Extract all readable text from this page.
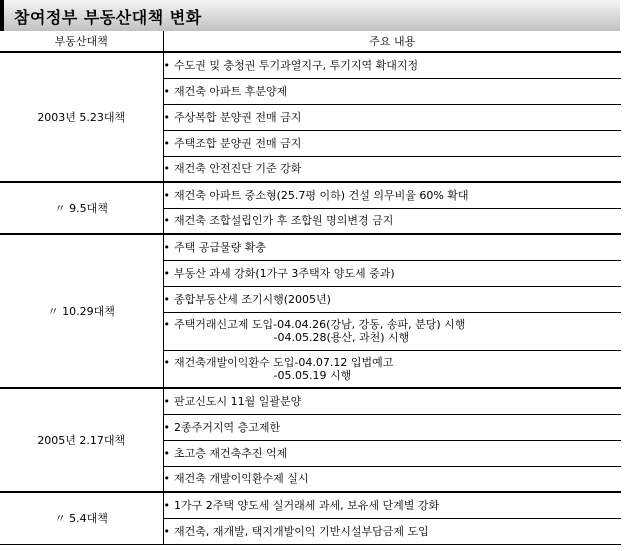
참여정부 부동산대책 변화
부동산대책	주요 내용
2003년 5.23대책	• 수도권 및 충청권 투기과열지구, 투기지역 확대지정
	• 재건축 아파트 후분양제
	• 주상복합 분양권 전매 금지
	• 주택조합 분양권 전매 금지
	• 재건축 안전진단 기준 강화
〃 9.5대책	• 재건축 아파트 중소형(25.7평 이하) 건설 의무비율 60% 확대
	• 재건축 조합설립인가 후 조합원 명의변경 금지
〃 10.29대책	• 주택 공급물량 확충
	• 부동산 과세 강화(1가구 3주택자 양도세 중과)
	• 종합부동산세 조기시행(2005년)
	• 주택거래신고제 도입-04.04.26(강남, 강동, 송파, 분당) 시행
-04.05.28(용산, 과천) 시행

	• 재건축개발이익환수 도입-04.07.12 입법예고
-05.05.19 시행

2005년 2.17대책	• 판교신도시 11월 일괄분양
	• 2종주거지역 층고제한
	• 초고층 재건축추진 억제
	• 재건축 개발이익환수제 실시
〃 5.4대책	• 1가구 2주택 양도세 실거래세 과세, 보유세 단계별 강화
	• 재건축, 재개발, 택지개발이익 기반시설부담금제 도입
